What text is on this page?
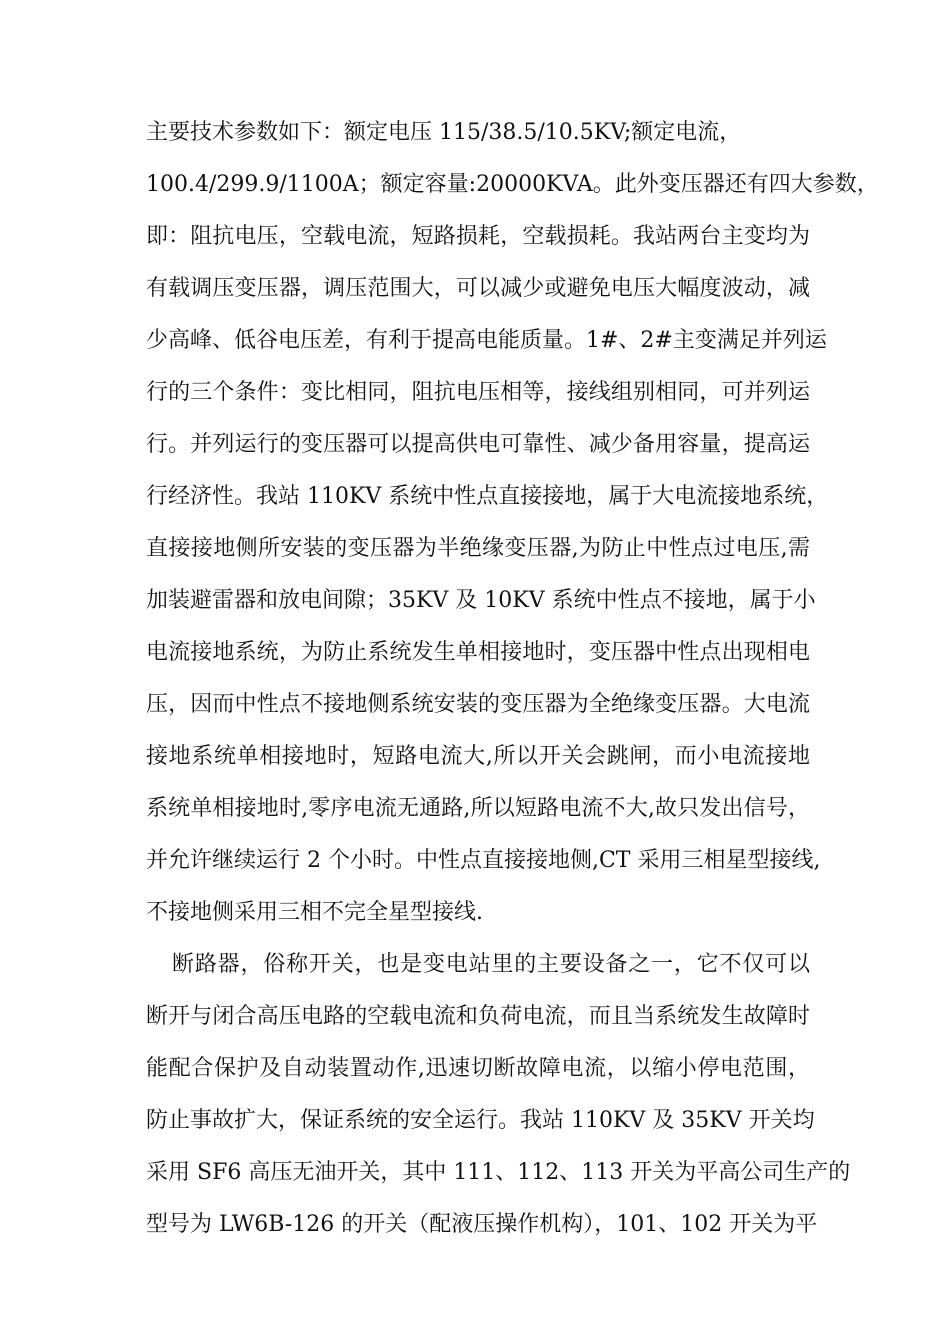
主要技术参数如下：额定电压 115/38.5/10.5KV;额定电流，
100.4/299.9/1100A；额定容量:20000KVA。此外变压器还有四大参数，
即：阻抗电压，空载电流，短路损耗，空载损耗。我站两台主变均为
有载调压变压器，调压范围大，可以减少或避免电压大幅度波动，减
少高峰、低谷电压差，有利于提高电能质量。1#、2#主变满足并列运
行的三个条件：变比相同，阻抗电压相等，接线组别相同，可并列运
行。并列运行的变压器可以提高供电可靠性、减少备用容量，提高运
行经济性。我站 110KV 系统中性点直接接地，属于大电流接地系统，
直接接地侧所安装的变压器为半绝缘变压器,为防止中性点过电压,需
加装避雷器和放电间隙；35KV 及 10KV 系统中性点不接地，属于小
电流接地系统，为防止系统发生单相接地时，变压器中性点出现相电
压，因而中性点不接地侧系统安装的变压器为全绝缘变压器。大电流
接地系统单相接地时，短路电流大,所以开关会跳闸，而小电流接地
系统单相接地时,零序电流无通路,所以短路电流不大,故只发出信号，
并允许继续运行 2 个小时。中性点直接接地侧,CT 采用三相星型接线,
不接地侧采用三相不完全星型接线.
断路器，俗称开关，也是变电站里的主要设备之一，它不仅可以
断开与闭合高压电路的空载电流和负荷电流，而且当系统发生故障时
能配合保护及自动装置动作,迅速切断故障电流，以缩小停电范围，
防止事故扩大，保证系统的安全运行。我站 110KV 及 35KV 开关均
采用 SF6 高压无油开关，其中 111、112、113 开关为平高公司生产的
型号为 LW6B-126 的开关（配液压操作机构），101、102 开关为平
